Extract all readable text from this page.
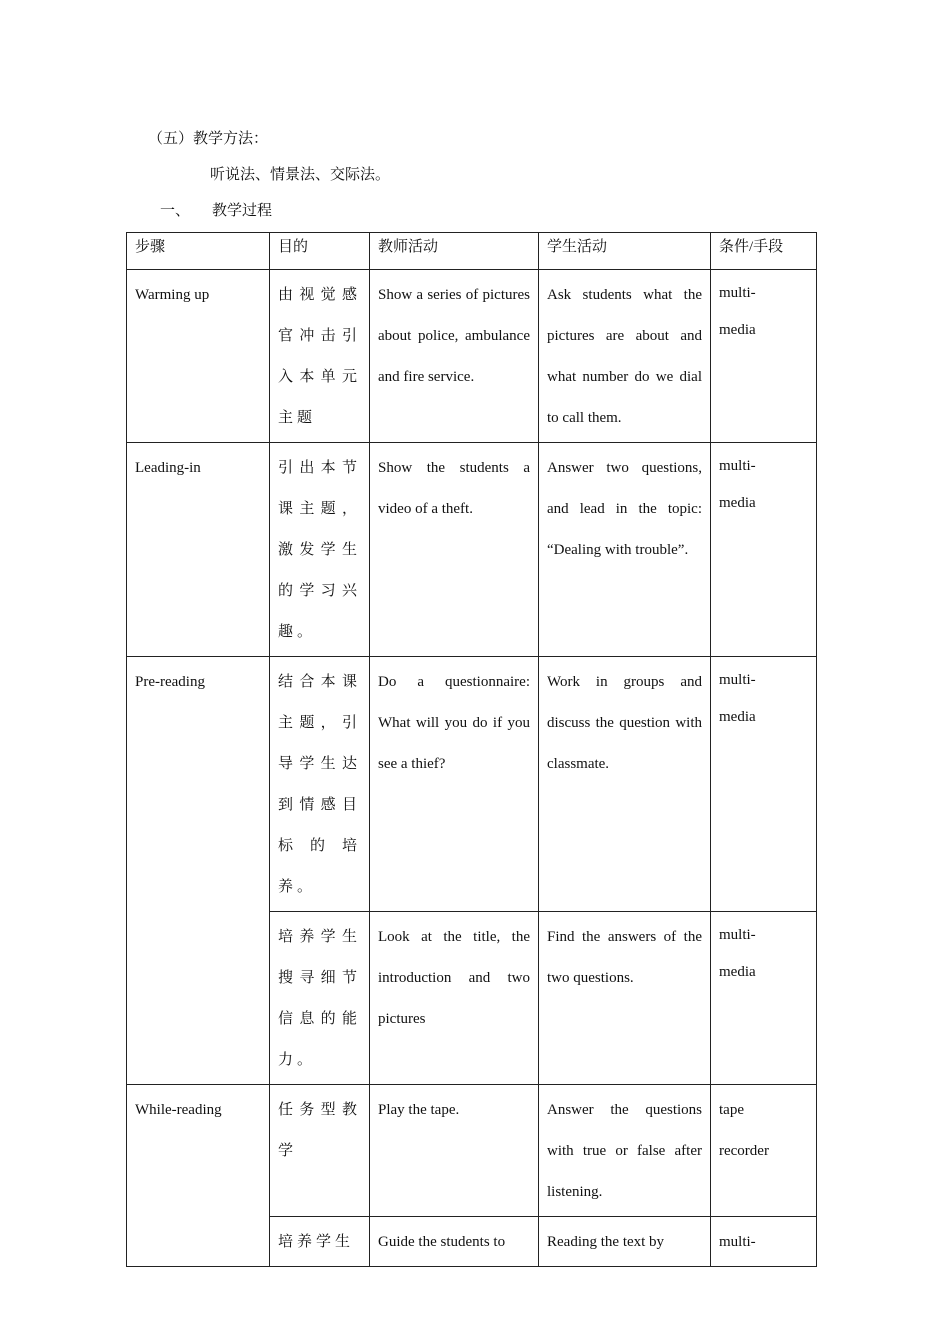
（五）教学方法：
听说法、情景法、交际法。
一、 教学过程
步骤	目的	教师活动	学生活动	条件/手段
Warming up	由视觉感官冲击引入本单元主题	Show a series of pictures about police, ambulance and fire service.	Ask students what the pictures are about and what number do we dial to call them.	multi-media

Leading-in	引出本节课主题，激发学生的学习兴趣。	Show the students a video of a theft.	Answer two questions, and lead in the topic: “Dealing with trouble”.	multi-media

Pre-reading	结合本课主题，引导学生达到情感目标的培养。	Do a questionnaire: What will you do if you see a thief?	Work in groups and discuss the question with classmate.	multi-media

	培养学生搜寻细节信息的能力。	Look at the title, the introduction and two pictures	Find the answers of the two questions.	multi-media

While-reading	任务型教学	Play the tape.	Answer the questions with true or false after listening.	tape recorder

	培养学生	Guide the students to	Reading the text by	multi-
